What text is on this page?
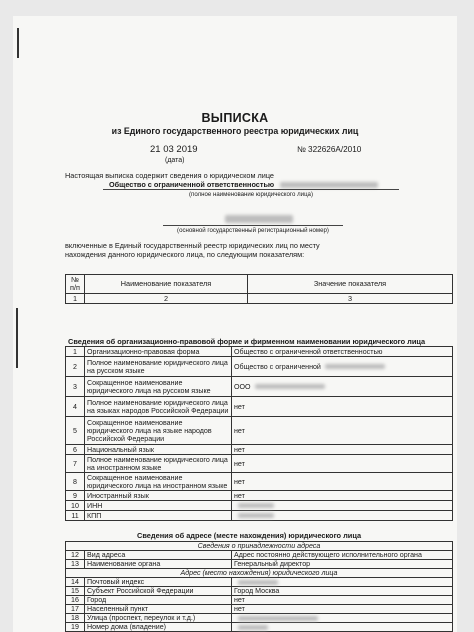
ВЫПИСКА
из Единого государственного реестра юридических лиц
21 03 2019
(дата)
№ 322626А/2010
Настоящая выписка содержит сведения о юридическом лице
Общество с ограниченной ответственностью
(полное наименование юридического лица)
(основной государственный регистрационный номер)
включенные в Единый государственный реестр юридических лиц по месту
нахождения данного юридического лица, по следующим показателям:
№ п/п	Наименование показателя	Значение показателя
1	2	3
Сведения об организационно-правовой форме и фирменном наименовании юридического лица
1	Организационно-правовая форма	Общество с ограниченной ответственностью
2	Полное наименование юридического лица на русском языке	Общество с ограниченной
3	Сокращенное наименование юридического лица на русском языке	ООО
4	Полное наименование юридического лица на языках народов Российской Федерации	нет
5	Сокращенное наименование юридического лица на языке народов Российской Федерации	нет
6	Национальный язык	нет
7	Полное наименование юридического лица на иностранном языке	нет
8	Сокращенное наименование юридического лица на иностранном языке	нет
9	Иностранный язык	нет
10	ИНН	
11	КПП	
Сведения об адресе (месте нахождения) юридического лица
Сведения о принадлежности адреса		
12	Вид адреса	Адрес постоянно действующего исполнительного органа
13	Наименование органа	Генеральный директор
Адрес (место нахождения) юридического лица		
14	Почтовый индекс	
15	Субъект Российской Федерации	Город Москва
16	Город	нет
17	Населенный пункт	нет
18	Улица (проспект, переулок и т.д.)	
19	Номер дома (владение)	
